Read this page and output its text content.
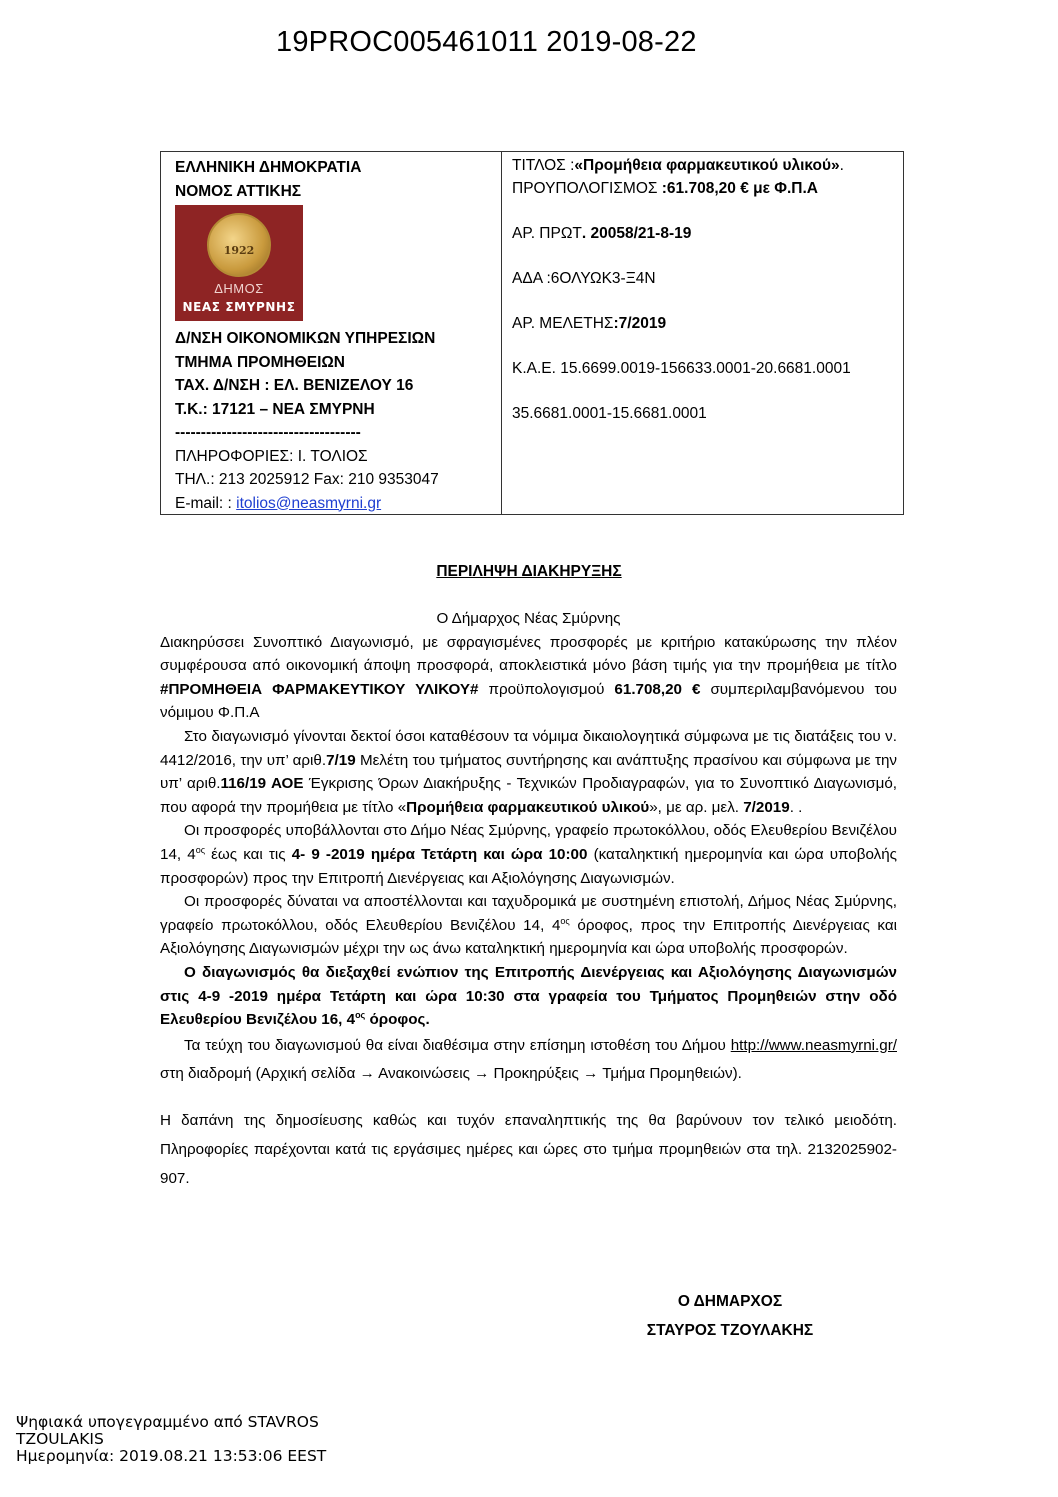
19PROC005461011 2019-08-22
ΕΛΛΗΝΙΚΗ ΔΗΜΟΚΡΑΤΙΑ
ΝΟΜΟΣ ΑΤΤΙΚΗΣ
1922
ΔΗΜΟΣ
ΝΕΑΣ ΣΜΥΡΝΗΣ
Δ/ΝΣΗ ΟΙΚΟΝΟΜΙΚΩΝ ΥΠΗΡΕΣΙΩΝ
ΤΜΗΜΑ ΠΡΟΜΗΘΕΙΩΝ
ΤΑΧ. Δ/ΝΣΗ : ΕΛ. ΒΕΝΙΖΕΛΟΥ 16
Τ.Κ.: 17121 – ΝΕΑ ΣΜΥΡΝΗ
------------------------------------
ΠΛΗΡΟΦΟΡΙΕΣ: Ι. ΤΟΛΙΟΣ
ΤΗΛ.: 213 2025912 Fax: 210 9353047
E-mail: : itolios@neasmyrni.gr
ΤΙΤΛΟΣ :«Προμήθεια φαρμακευτικού υλικού».
ΠΡΟΥΠΟΛΟΓΙΣΜΟΣ :61.708,20 € με Φ.Π.Α
ΑΡ. ΠΡΩΤ. 20058/21-8-19
ΑΔΑ :6ΟΛΥΩΚ3-Ξ4Ν
ΑΡ. ΜΕΛΕΤΗΣ:7/2019
Κ.Α.Ε. 15.6699.0019-156633.0001-20.6681.0001
35.6681.0001-15.6681.0001
ΠΕΡΙΛΗΨΗ ΔΙΑΚΗΡΥΞΗΣ

Ο Δήμαρχος Νέας Σμύρνης

Διακηρύσσει Συνοπτικό Διαγωνισμό, με σφραγισμένες προσφορές με κριτήριο κατακύρωσης την πλέον συμφέρουσα από οικονομική άποψη προσφορά, αποκλειστικά μόνο βάση τιμής για την προμήθεια με τίτλο #ΠΡΟΜΗΘΕΙΑ ΦΑΡΜΑΚΕΥΤΙΚΟΥ ΥΛΙΚΟΥ# προϋπολογισμού 61.708,20 € συμπεριλαμβανόμενου του νόμιμου Φ.Π.Α

Στο διαγωνισμό γίνονται δεκτοί όσοι καταθέσουν τα νόμιμα δικαιολογητικά σύμφωνα με τις διατάξεις του ν. 4412/2016, την υπ’ αριθ.7/19 Μελέτη του τμήματος συντήρησης και ανάπτυξης πρασίνου και σύμφωνα με την υπ’ αριθ.116/19 ΑΟΕ Έγκρισης Όρων Διακήρυξης - Τεχνικών Προδιαγραφών, για το Συνοπτικό Διαγωνισμό, που αφορά την προμήθεια με τίτλο «Προμήθεια φαρμακευτικού υλικού», με αρ. μελ. 7/2019. .

Οι προσφορές υποβάλλονται στο Δήμο Νέας Σμύρνης, γραφείο πρωτοκόλλου, οδός Ελευθερίου Βενιζέλου 14, $4^{o\varsigma}$ έως και τις 4- 9 -2019 ημέρα Τετάρτη και ώρα 10:00 (καταληκτική ημερομηνία και ώρα υποβολής προσφορών) προς την Επιτροπή Διενέργειας και Αξιολόγησης Διαγωνισμών.

Οι προσφορές δύναται να αποστέλλονται και ταχυδρομικά με συστημένη επιστολή, Δήμος Νέας Σμύρνης, γραφείο πρωτοκόλλου, οδός Ελευθερίου Βενιζέλου 14, $4^{o\varsigma}$ όροφος, προς την Επιτροπής Διενέργειας και Αξιολόγησης Διαγωνισμών μέχρι την ως άνω καταληκτική ημερομηνία και ώρα υποβολής προσφορών.

Ο διαγωνισμός θα διεξαχθεί ενώπιον της Επιτροπής Διενέργειας και Αξιολόγησης Διαγωνισμών στις 4-9 -2019 ημέρα Τετάρτη και ώρα 10:30 στα γραφεία του Τμήματος Προμηθειών στην οδό Ελευθερίου Βενιζέλου 16, $4^{o\varsigma}$ όροφος.

Τα τεύχη του διαγωνισμού θα είναι διαθέσιμα στην επίσημη ιστοθέση του Δήμου http://www.neasmyrni.gr/ στη διαδρομή (Αρχική σελίδα → Ανακοινώσεις → Προκηρύξεις → Τμήμα Προμηθειών).

Η δαπάνη της δημοσίευσης καθώς και τυχόν επαναληπτικής της θα βαρύνουν τον τελικό μειοδότη. Πληροφορίες παρέχονται κατά τις εργάσιμες ημέρες και ώρες στο τμήμα προμηθειών στα τηλ. 2132025902-907.

Ο ΔΗΜΑΡΧΟΣ
ΣΤΑΥΡΟΣ ΤΖΟΥΛΑΚΗΣ
Ψηφιακά υπογεγραμμένο από STAVROS
TZOULAKIS
Ημερομηνία: 2019.08.21 13:53:06 EEST
